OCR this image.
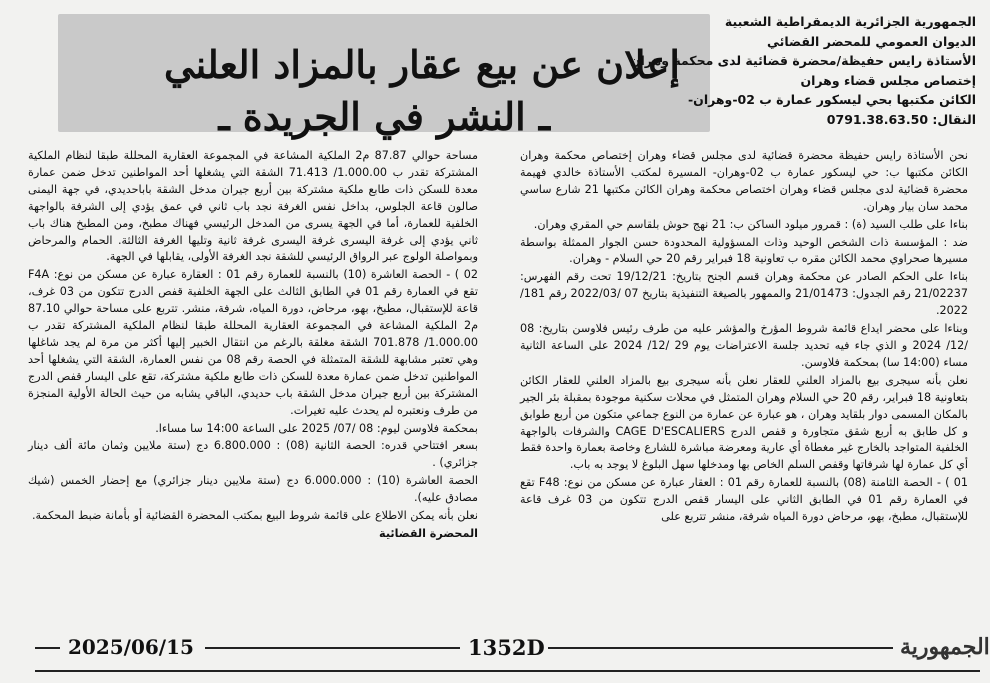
إعلان عن بيع عقار بالمزاد العلني
ـ النشر في الجريدة ـ
الجمهورية الجزائرية الديمقراطية الشعبية
الديوان العمومي للمحضر القضائي
الأستاذة رايس حفيظة/محضرة قضائية لدى محكمة وهران
إختصاص مجلس قضاء وهران
الكائن مكتبها بحي ليسكور عمارة ب 02-وهران-
النقال: 0791.38.63.50

نحن الأستاذة رايس حفيظة محضرة قضائية لدى مجلس قضاء وهران إختصاص محكمة وهران الكائن مكتبها ب: حي ليسكور عمارة ب 02-وهران- المسيرة لمكتب الأستاذة خالدي فهيمة محضرة قضائية لدى مجلس قضاء وهران اختصاص محكمة وهران الكائن مكتبها 21 شارع ساسي محمد سان بيار وهران.

بناءا على طلب السيد (ة) : قمرور ميلود الساكن ب: 21 نهج حوش بلقاسم حي المقري وهران.

ضد : المؤسسة ذات الشخص الوحيد وذات المسؤولية المحدودة حسن الجوار الممثلة بواسطة مسيرها صحراوي محمد الكائن مقره ب تعاونية 18 فبراير رقم 20 حي السلام - وهران.

بناءا على الحكم الصادر عن محكمة وهران قسم الجنح بتاريخ: 19/12/21 تحت رقم الفهرس: 21/02237 رقم الجدول: 21/01473 والممهور بالصيغة التنفيذية بتاريخ 07 /2022/03 رقم 181/ 2022.

وبناءا على محضر ايداع قائمة شروط المؤرخ والمؤشر عليه من طرف رئيس فلاوسن بتاريخ: 08 /12/ 2024 و الذي جاء فيه تحديد جلسة الاعتراضات يوم 29 /12/ 2024 على الساعة الثانية مساء (14:00 سا) بمحكمة فلاوسن.

نعلن بأنه سيجرى بيع بالمزاد العلني للعقار نعلن بأنه سيجرى بيع بالمزاد العلني للعقار الكائن بتعاونية 18 فبراير، رقم 20 حي السلام وهران المتمثل في محلات سكنية موجودة بمقبلة بئر الجير بالمكان المسمى دوار بلقايد وهران ، هو عبارة عن عمارة من النوع جماعي متكون من أربع طوابق و كل طابق به أربع شقق متجاورة و قفص الدرج CAGE D'ESCALIERS والشرفات بالواجهة الخلفية المتواجد بالخارج غير مغطاة أي عارية ومعرضة مباشرة للشارع وخاصة بعمارة واحدة فقط أي كل عمارة لها شرفاتها وقفص السلم الخاص بها ومدخلها سهل البلوغ لا يوجد به باب.

01 ) - الحصة الثامنة (08) بالنسبة للعمارة رقم 01 : العقار عبارة عن مسكن من نوع: F48 تقع في العمارة رقم 01 في الطابق الثاني على اليسار قفص الدرج تتكون من 03 غرف قاعة للإستقبال، مطبخ، بهو، مرحاض دورة المياه شرفة، منشر تتربع على

مساحة حوالي 87.87 م2 الملكية المشاعة في المجموعة العقارية المحللة طبقا لنظام الملكية المشتركة تقدر ب 1.000.00/ 71.413 الشقة التي يشغلها أحد المواطنين تدخل ضمن عمارة معدة للسكن ذات طابع ملكية مشتركة بين أربع جيران مدخل الشقة باباحديدي، في جهة اليمنى صالون قاعة الجلوس، بداخل نفس الغرفة نجد باب ثاني في عمق يؤدي إلى الشرفة بالواجهة الخلفية للعمارة، أما في الجهة يسرى من المدخل الرئيسي فهناك مطبخ، ومن المطبخ هناك باب ثاني يؤدي إلى غرفة اليسرى غرفة اليسرى غرفة ثانية وتليها الغرفة الثالثة. الحمام والمرحاض وبمواصلة الولوج عبر الرواق الرئيسي للشقة نجد الغرفة الأولى، يقابلها في الجهة.

02 ) - الحصة العاشرة (10) بالنسبة للعمارة رقم 01 : العقارة عبارة عن مسكن من نوع: F4A تقع في العمارة رقم 01 في الطابق الثالث على الجهة الخلفية قفص الدرج تتكون من 03 غرف، قاعة للإستقبال، مطبخ، بهو، مرحاض، دورة المياه، شرفة، منشر. تتربع على مساحة حوالي 87.10 م2 الملكية المشاعة في المجموعة العقارية المحللة طبقا لنظام الملكية المشتركة تقدر ب 1.000.00/ 701.878 الشقة مغلقة بالرغم من انتقال الخبير إليها أكثر من مرة لم يجد شاغلها وهي تعتبر مشابهة للشقة المتمثلة في الحصة رقم 08 من نفس العمارة، الشقة التي يشغلها أحد المواطنين تدخل ضمن عمارة معدة للسكن ذات طابع ملكية مشتركة، تقع على اليسار قفص الدرج المشتركة بين أربع جيران مدخل الشقة باب حديدي، الباقي يشابه من حيث الحالة الأولية المنجزة من طرف ونعتبره لم يحدث عليه تغيرات.

بمحكمة فلاوسن ليوم: 08 /07/ 2025 على الساعة 14:00 سا مساءا.

بسعر افتتاحي قدره: الحصة الثانية (08) : 6.800.000 دج (ستة ملايين وثمان مائة ألف دينار جزائري) .

الحصة العاشرة (10) : 6.000.000 دج (ستة ملايين دينار جزائري) مع إحضار الخمس (شيك مصادق عليه).

نعلن بأنه يمكن الاطلاع على قائمة شروط البيع بمكتب المحضرة القضائية أو بأمانة ضبط المحكمة.

المحضرة القضائية
2025/06/15	1352D	الجمهورية
